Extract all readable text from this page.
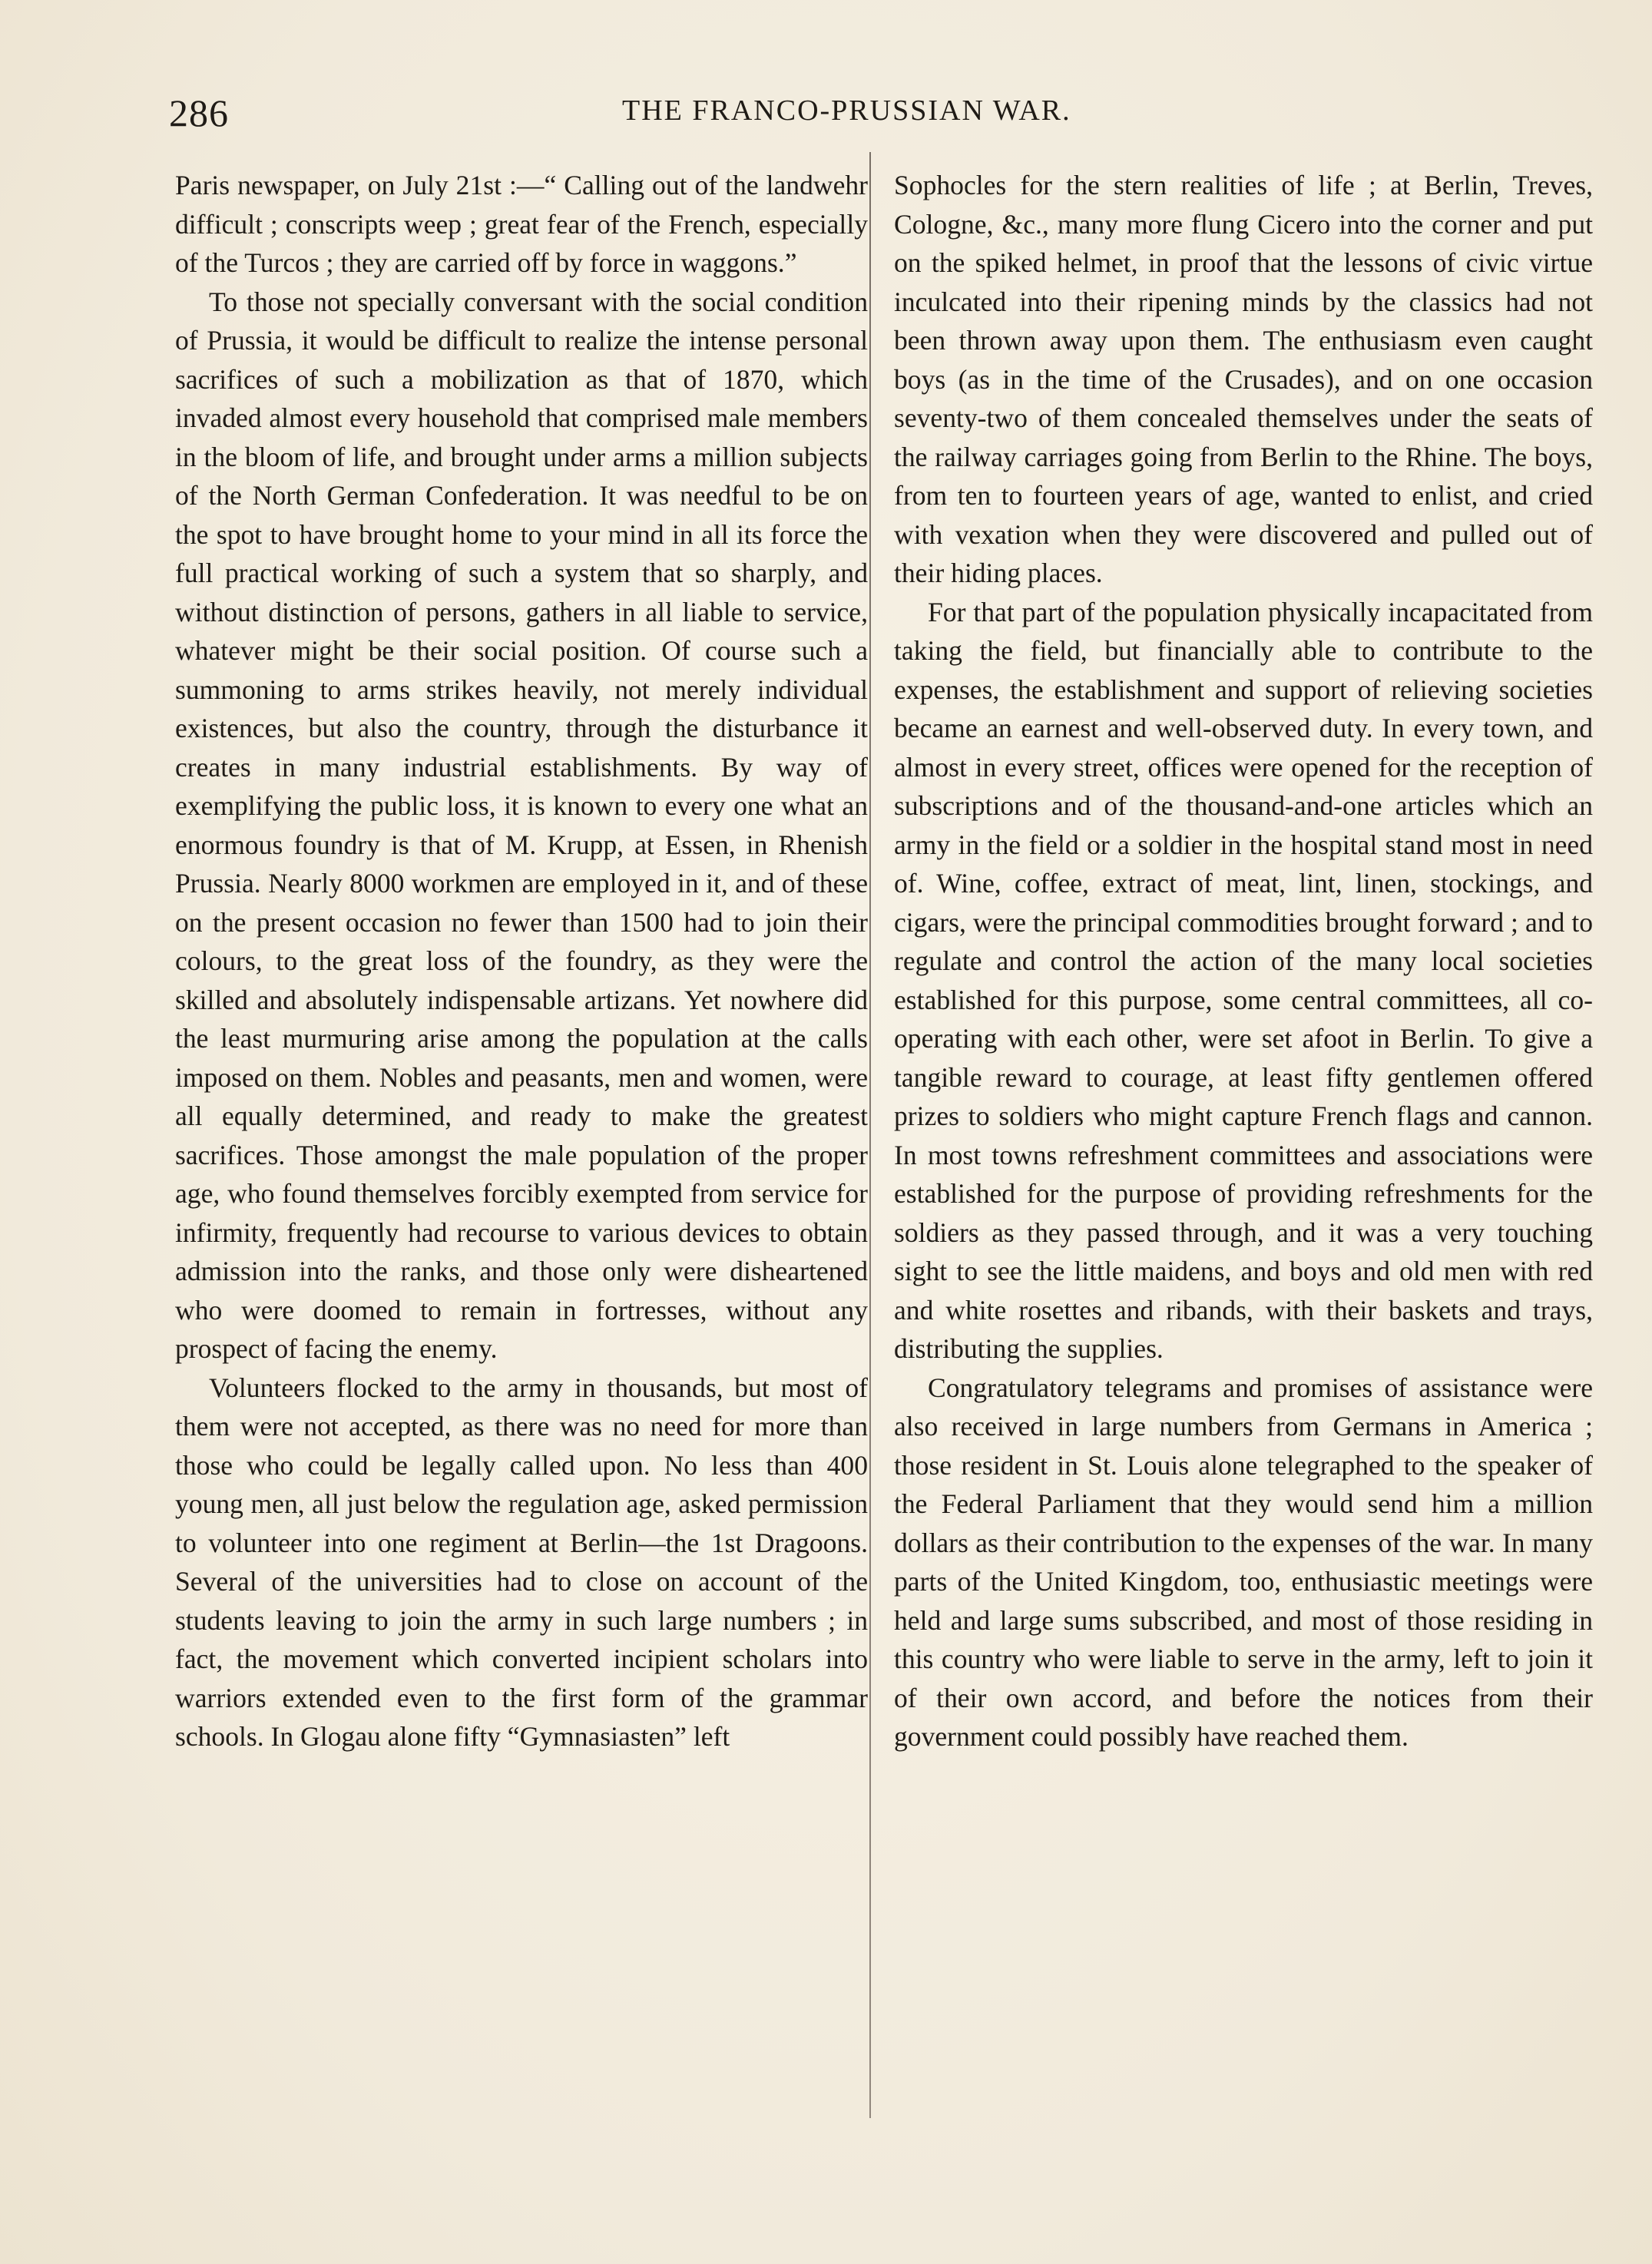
286	THE FRANCO-PRUSSIAN WAR.

Paris newspaper, on July 21st :—“ Calling out of the landwehr difficult ; conscripts weep ; great fear of the French, especially of the Turcos ; they are carried off by force in waggons.”

To those not specially conversant with the social condition of Prussia, it would be difficult to realize the intense personal sacrifices of such a mobilization as that of 1870, which invaded almost every household that comprised male members in the bloom of life, and brought under arms a million subjects of the North German Confederation. It was needful to be on the spot to have brought home to your mind in all its force the full practical working of such a system that so sharply, and without distinction of persons, gathers in all liable to service, whatever might be their social position. Of course such a summoning to arms strikes heavily, not merely individual existences, but also the country, through the disturbance it creates in many industrial establishments. By way of exemplifying the public loss, it is known to every one what an enormous foundry is that of M. Krupp, at Essen, in Rhenish Prussia. Nearly 8000 workmen are employed in it, and of these on the present occasion no fewer than 1500 had to join their colours, to the great loss of the foundry, as they were the skilled and absolutely indispensable artizans. Yet nowhere did the least murmuring arise among the population at the calls imposed on them. Nobles and peasants, men and women, were all equally determined, and ready to make the greatest sacrifices. Those amongst the male population of the proper age, who found themselves forcibly exempted from service for infirmity, frequently had recourse to various devices to obtain admission into the ranks, and those only were disheartened who were doomed to remain in fortresses, without any prospect of facing the enemy.

Volunteers flocked to the army in thousands, but most of them were not accepted, as there was no need for more than those who could be legally called upon. No less than 400 young men, all just below the regulation age, asked permission to volunteer into one regiment at Berlin—the 1st Dragoons. Several of the universities had to close on account of the students leaving to join the army in such large numbers ; in fact, the movement which converted incipient scholars into warriors extended even to the first form of the grammar schools. In Glogau alone fifty “Gymnasiasten” left

Sophocles for the stern realities of life ; at Berlin, Treves, Cologne, &c., many more flung Cicero into the corner and put on the spiked helmet, in proof that the lessons of civic virtue inculcated into their ripening minds by the classics had not been thrown away upon them. The enthusiasm even caught boys (as in the time of the Crusades), and on one occasion seventy-two of them concealed themselves under the seats of the railway carriages going from Berlin to the Rhine. The boys, from ten to fourteen years of age, wanted to enlist, and cried with vexation when they were discovered and pulled out of their hiding places.

For that part of the population physically incapacitated from taking the field, but financially able to contribute to the expenses, the establishment and support of relieving societies became an earnest and well-observed duty. In every town, and almost in every street, offices were opened for the reception of subscriptions and of the thousand-and-one articles which an army in the field or a soldier in the hospital stand most in need of. Wine, coffee, extract of meat, lint, linen, stockings, and cigars, were the principal commodities brought forward ; and to regulate and control the action of the many local societies established for this purpose, some central committees, all co-operating with each other, were set afoot in Berlin. To give a tangible reward to courage, at least fifty gentlemen offered prizes to soldiers who might capture French flags and cannon. In most towns refreshment committees and associations were established for the purpose of providing refreshments for the soldiers as they passed through, and it was a very touching sight to see the little maidens, and boys and old men with red and white rosettes and ribands, with their baskets and trays, distributing the supplies.

Congratulatory telegrams and promises of assistance were also received in large numbers from Germans in America ; those resident in St. Louis alone telegraphed to the speaker of the Federal Parliament that they would send him a million dollars as their contribution to the expenses of the war. In many parts of the United Kingdom, too, enthusiastic meetings were held and large sums subscribed, and most of those residing in this country who were liable to serve in the army, left to join it of their own accord, and before the notices from their government could possibly have reached them.
